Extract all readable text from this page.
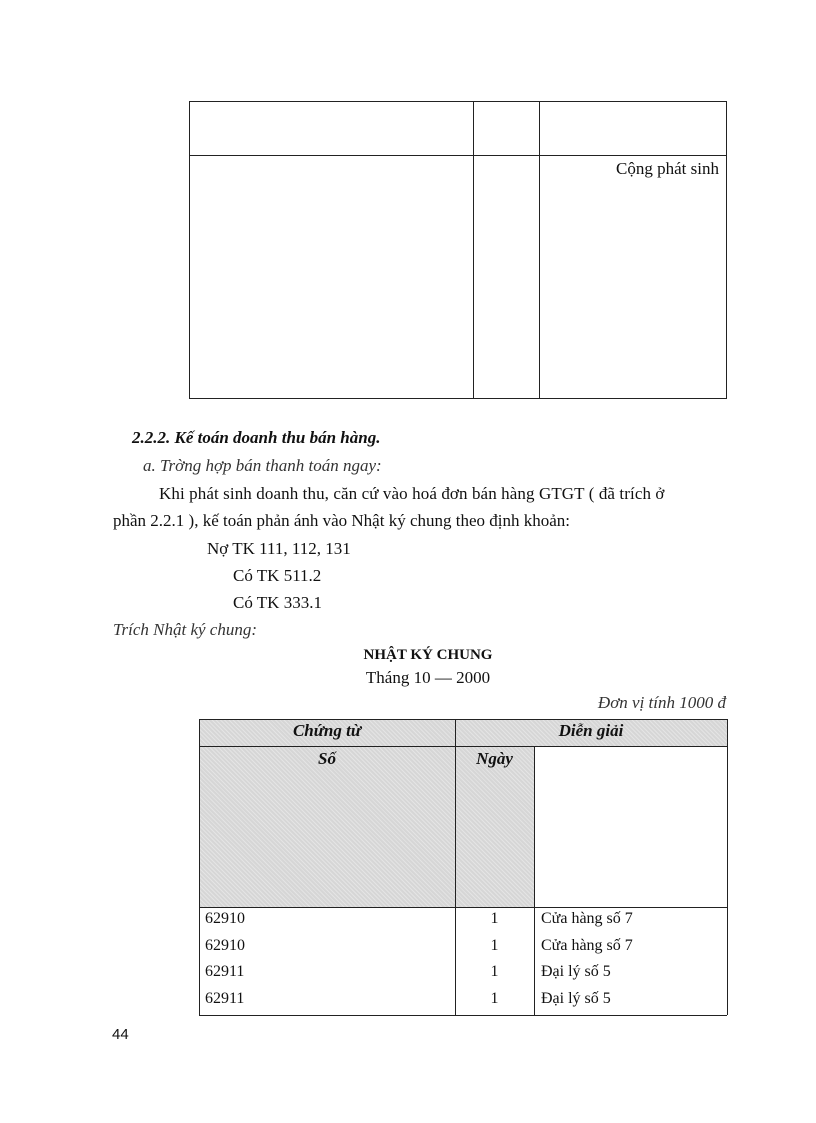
Cộng phát sinh
2.2.2. Kế toán doanh thu bán hàng.
a. Trờng hợp bán thanh toán ngay:
Khi phát sinh doanh thu, căn cứ vào hoá đơn bán hàng GTGT ( đã trích ở
phần 2.2.1 ), kế toán phản ánh vào Nhật ký chung theo định khoản:
Nợ TK 111, 112, 131
Có TK 511.2
Có TK 333.1
Trích Nhật ký chung:
NHẬT KÝ CHUNG
Tháng 10 — 2000
Đơn vị tính 1000 đ
Chứng từ	Diễn giải
Số	Ngày
62910	1	Cửa hàng số 7
62910	1	Cửa hàng số 7
62911	1	Đại lý số 5
62911	1	Đại lý số 5
44
